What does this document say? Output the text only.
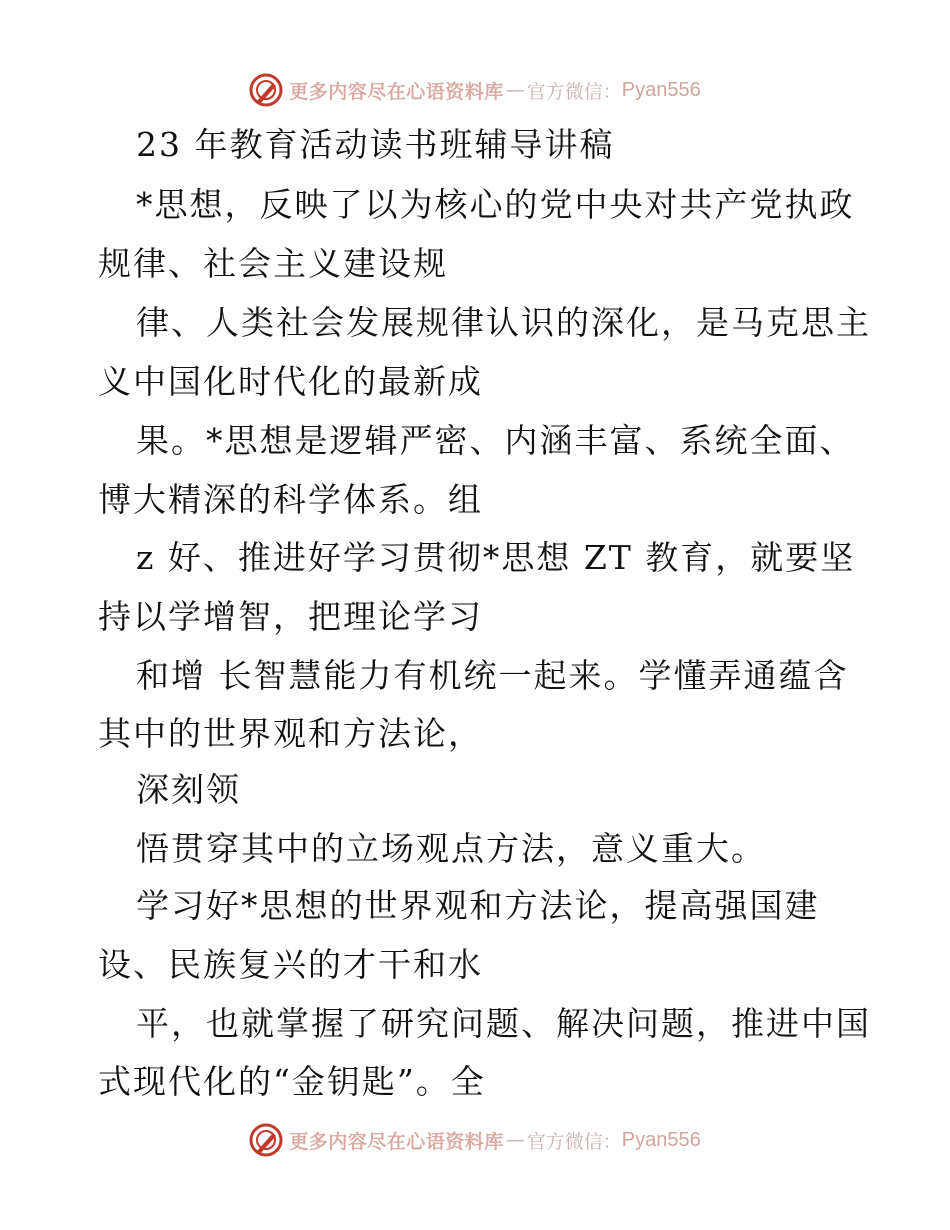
更多内容尽在心语资料库 — 官方微信： Pyan556
23 年教育活动读书班辅导讲稿
*思想，反映了以为核心的党中央对共产党执政
规律、社会主义建设规
律、人类社会发展规律认识的深化，是马克思主
义中国化时代化的最新成
果。*思想是逻辑严密、内涵丰富、系统全面、
博大精深的科学体系。组
z 好、推进好学习贯彻*思想 ZT 教育，就要坚
持以学增智，把理论学习
和增 长智慧能力有机统一起来。学懂弄通蕴含
其中的世界观和方法论，
深刻领
悟贯穿其中的立场观点方法，意义重大。
学习好*思想的世界观和方法论，提高强国建
设、民族复兴的才干和水
平，也就掌握了研究问题、解决问题，推进中国
式现代化的“金钥匙”。全
更多内容尽在心语资料库 — 官方微信： Pyan556
